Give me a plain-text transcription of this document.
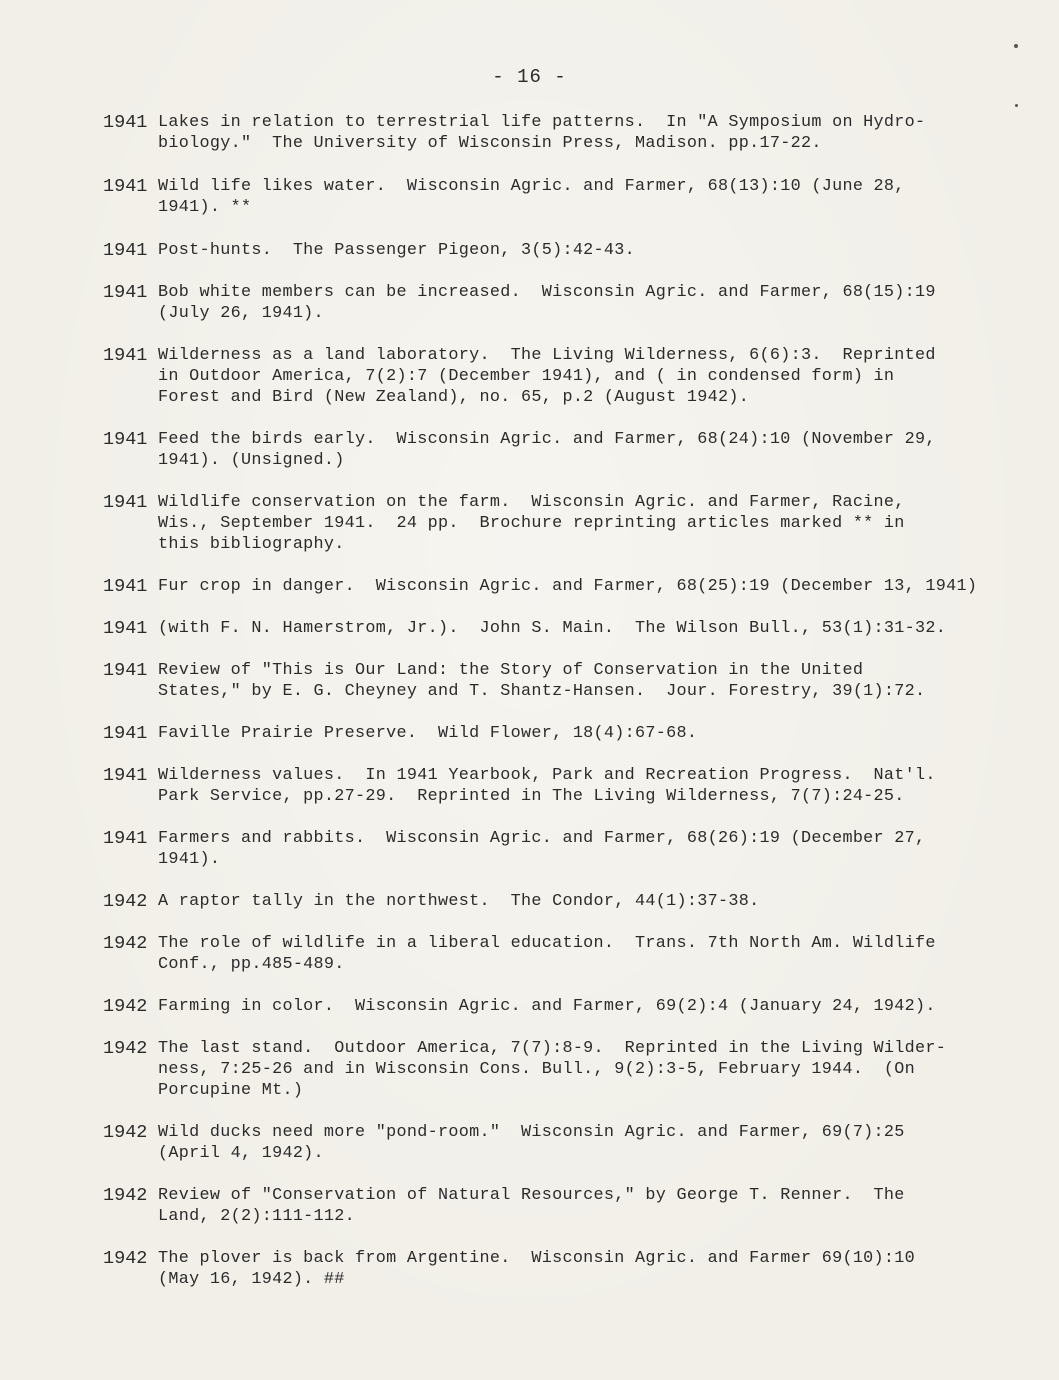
- 16 -
1941 Lakes in relation to terrestrial life patterns.  In "A Symposium on Hydro-
biology."  The University of Wisconsin Press, Madison. pp.17-22.
1941 Wild life likes water.  Wisconsin Agric. and Farmer, 68(13):10 (June 28,
1941). **
1941 Post-hunts.  The Passenger Pigeon, 3(5):42-43.
1941 Bob white members can be increased.  Wisconsin Agric. and Farmer, 68(15):19
(July 26, 1941).
1941 Wilderness as a land laboratory.  The Living Wilderness, 6(6):3.  Reprinted
in Outdoor America, 7(2):7 (December 1941), and ( in condensed form) in
Forest and Bird (New Zealand), no. 65, p.2 (August 1942).
1941 Feed the birds early.  Wisconsin Agric. and Farmer, 68(24):10 (November 29,
1941). (Unsigned.)
1941 Wildlife conservation on the farm.  Wisconsin Agric. and Farmer, Racine,
Wis., September 1941.  24 pp.  Brochure reprinting articles marked ** in
this bibliography.
1941 Fur crop in danger.  Wisconsin Agric. and Farmer, 68(25):19 (December 13, 1941)
1941 (with F. N. Hamerstrom, Jr.).  John S. Main.  The Wilson Bull., 53(1):31-32.
1941 Review of "This is Our Land: the Story of Conservation in the United
States," by E. G. Cheyney and T. Shantz-Hansen.  Jour. Forestry, 39(1):72.
1941 Faville Prairie Preserve.  Wild Flower, 18(4):67-68.
1941 Wilderness values.  In 1941 Yearbook, Park and Recreation Progress.  Nat'l.
Park Service, pp.27-29.  Reprinted in The Living Wilderness, 7(7):24-25.
1941 Farmers and rabbits.  Wisconsin Agric. and Farmer, 68(26):19 (December 27,
1941).
1942 A raptor tally in the northwest.  The Condor, 44(1):37-38.
1942 The role of wildlife in a liberal education.  Trans. 7th North Am. Wildlife
Conf., pp.485-489.
1942 Farming in color.  Wisconsin Agric. and Farmer, 69(2):4 (January 24, 1942).
1942 The last stand.  Outdoor America, 7(7):8-9.  Reprinted in the Living Wilder-
ness, 7:25-26 and in Wisconsin Cons. Bull., 9(2):3-5, February 1944.  (On
Porcupine Mt.)
1942 Wild ducks need more "pond-room."  Wisconsin Agric. and Farmer, 69(7):25
(April 4, 1942).
1942 Review of "Conservation of Natural Resources," by George T. Renner.  The
Land, 2(2):111-112.
1942 The plover is back from Argentine.  Wisconsin Agric. and Farmer 69(10):10
(May 16, 1942). ##
